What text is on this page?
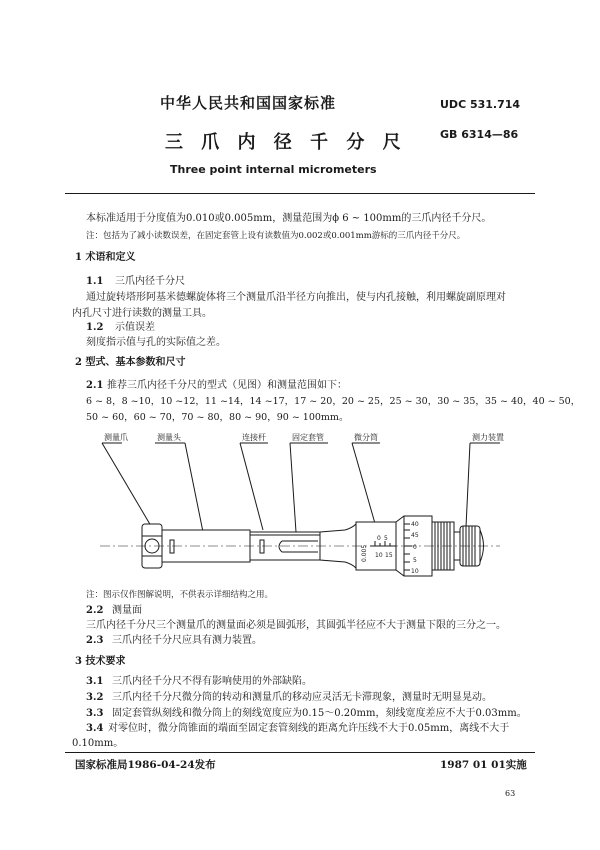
中华人民共和国国家标准	UDC 531.714
三 爪 内 径 千 分 尺	GB 6314—86
Three point internal micrometers
本标准适用于分度值为0.010或0.005mm，测量范围为ϕ 6 ~ 100mm的三爪内径千分尺。
注：包括为了减小读数误差，在固定套管上设有读数值为0.002或0.001mm游标的三爪内径千分尺。
1 术语和定义
1.1 三爪内径千分尺
通过旋转塔形阿基米德螺旋体将三个测量爪沿半径方向推出，使与内孔接触，利用螺旋副原理对
内孔尺寸进行读数的测量工具。
1.2 示值误差
刻度指示值与孔的实际值之差。
2 型式、基本参数和尺寸
2.1 推荐三爪内径千分尺的型式（见图）和测量范围如下：
6 ~ 8，8 ~10，10 ~12，11 ~14，14 ~17，17 ~ 20，20 ~ 25，25 ~ 30，30 ~ 35，35 ~ 40，40 ~ 50，
50 ~ 60，60 ~ 70，70 ~ 80，80 ~ 90，90 ~ 100mm。
测量爪	测量头	连接杆	固定套管	微分筒	测力装置
0.005
0 5
10 15
40
45
0
5
10
注：图示仅作图解说明，不供表示详细结构之用。
2.2 测量面
三爪内径千分尺三个测量爪的测量面必须是圆弧形，其圆弧半径应不大于测量下限的三分之一。
2.3 三爪内径千分尺应具有测力装置。
3 技术要求
3.1 三爪内径千分尺不得有影响使用的外部缺陷。
3.2 三爪内径千分尺微分筒的转动和测量爪的移动应灵活无卡滞现象，测量时无明显晃动。
3.3 固定套管纵刻线和微分筒上的刻线宽度应为0.15～0.20mm，刻线宽度差应不大于0.03mm。
3.4 对零位时，微分筒锥面的端面至固定套管刻线的距离允许压线不大于0.05mm，离线不大于
0.10mm。
国家标准局1986-04-24发布	1987 01 01实施
63
